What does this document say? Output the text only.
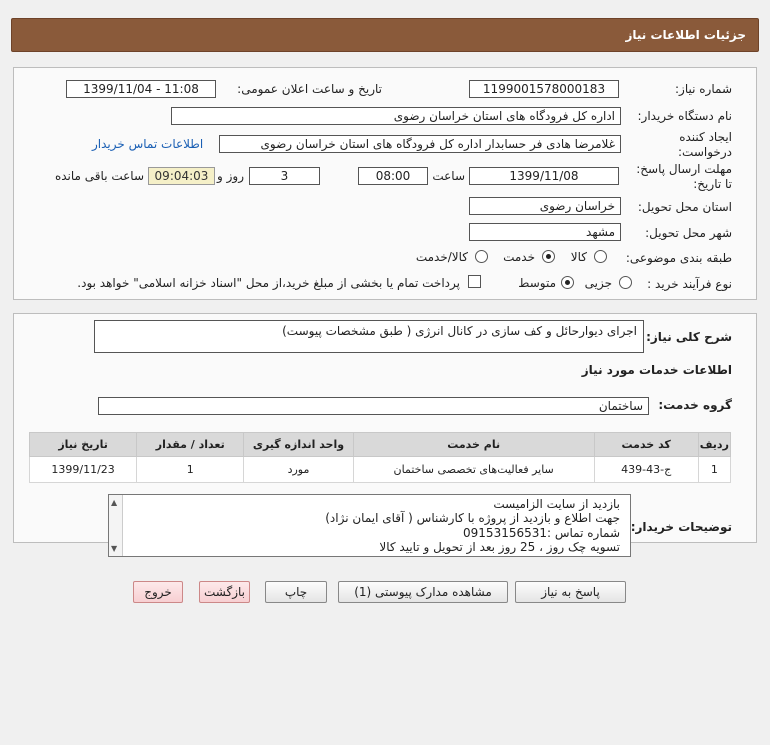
جزئیات اطلاعات نیاز
شماره نیاز:
1199001578000183
تاریخ و ساعت اعلان عمومی:
1399/11/04 - 11:08
نام دستگاه خریدار:
اداره کل فرودگاه های استان خراسان رضوی
ایجاد کننده
درخواست:
غلامرضا هادی فر حسابدار اداره کل فرودگاه های استان خراسان رضوی
اطلاعات تماس خریدار
مهلت ارسال پاسخ:
تا تاریخ:
1399/11/08
ساعت
08:00
3
روز و
09:04:03
ساعت باقی مانده
استان محل تحویل:
خراسان رضوی
شهر محل تحویل:
مشهد
طبقه بندی موضوعی:
کالا
خدمت
کالا/خدمت
نوع فرآیند خرید :
جزیی
متوسط
پرداخت تمام یا بخشی از مبلغ خرید،از محل "اسناد خزانه اسلامی" خواهد بود.
شرح کلی نیاز:
اجرای دیوارحائل و کف سازی در کانال انرژی ( طبق مشخصات پیوست)
اطلاعات خدمات مورد نیاز
گروه خدمت:
ساختمان
ردیف	کد خدمت	نام خدمت	واحد اندازه گیری	تعداد / مقدار	تاریخ نیاز
1	ج-43-439	سایر فعالیت‌های تخصصی ساختمان	مورد	1	1399/11/23
توضیحات خریدار:
▲
▼
بازدید از سایت الزامیست
جهت اطلاع و بازدید از پروژه با کارشناس ( آقای ایمان نژاد)
شماره تماس :09153156531
تسویه چک روز ، 25 روز بعد از تحویل و تایید کالا
پاسخ به نیاز
مشاهده مدارک پیوستی (1)
چاپ
بازگشت
خروج
